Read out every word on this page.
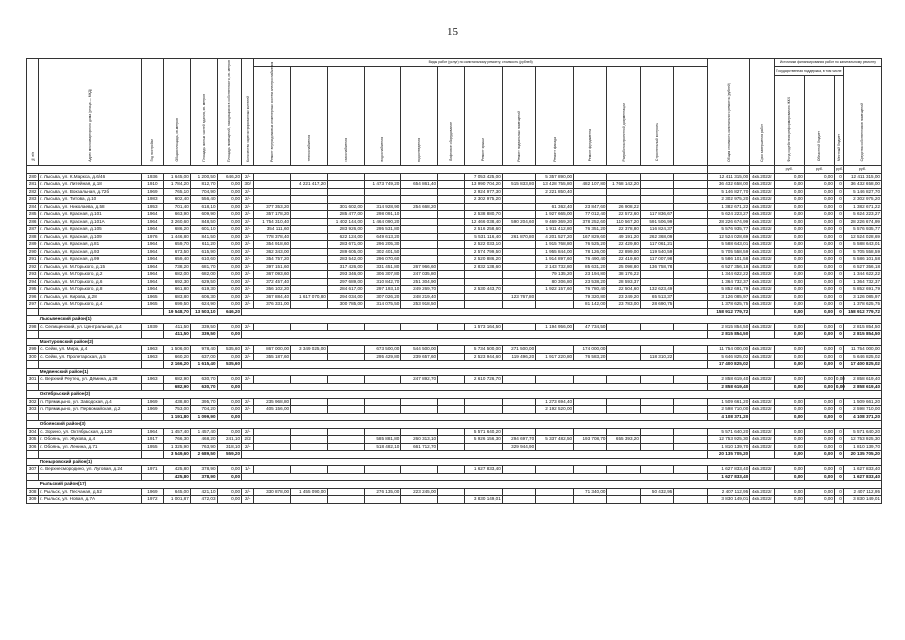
15
№ п/п	Адрес многоквартирного дома (улица — МКД)	Год постройки	Общая площадь, кв.метров	Площадь жилых частей здания, кв. метров	Площадь помещений, находящихся в собственности, кв. метров	Количество зарегистрированных жителей	Виды работ (услуг) по капитальному ремонту, стоимость (рублей)													Общая стоимость капитального ремонта (рублей)	Срок завершения работ	Источники финансирования работ по капитальному ремонту			
							Ремонт внутридомовых инженерных систем электроснабжения	теплоснабжения	газоснабжения	водоснабжения	водоотведения	Лифтовое оборудование	Ремонт крыши	Ремонт подвальных помещений	Ремонт фасада	Ремонт фундамента	Разработка проектной документации	Строительный контроль				Государственная поддержка, в том числе			Средства собственников помещений
																						Фонд содействия реформированию ЖКХ	Областной бюджет	Местный бюджет	
																						руб.	руб.	руб.	руб.
280	г. Лысьва, ул. К.Маркса, д.6/46	1936	1 645,00	1 200,50	646,20	2/-							7 053 425,00		5 357 890,00					12 411 315,00	4кв.2022г	0,00	0,00	0	12 411 315,00
281	г. Лысьва, ул. Литейная, д.18	1910	1 784,20	812,70	0,00	30/		4 221 417,20		1 473 749,20	654 861,40		13 990 704,20	515 833,80	13 428 755,80	482 107,80	1 768 142,20			36 432 658,00	4кв.2022г	0,00	0,00	0	36 432 658,00
282	г. Лысьва, ул. Вокзальная, д.72б	1969	765,10	704,90	0,00	2/-							2 924 977,30		2 221 850,40					5 146 827,70	4кв.2022г	0,00	0,00	0	5 146 827,70
283	г. Лысьва, ул. Титова, д.10	1983	602,40	556,40	0,00	2/-							2 302 975,20							2 302 975,20	4кв.2022г	0,00	0,00	0	2 302 975,20
284	г. Лысьва, ул. Николаева, д.58	1953	701,40	618,10	0,00	2/-	377 353,20		301 602,00	314 928,90	254 668,20				61 362,40	23 847,60	26 908,22			1 382 671,22	4кв.2022г	0,00	0,00	0	1 382 671,22
285	г. Лысьва, ул. Красная, д.101	1964	663,90	609,90	0,00	2/-	357 178,20		285 477,00	298 091,10			2 538 880,70		1 927 665,00	77 012,40	22 572,60	117 836,67		5 624 223,27	4кв.2022г	0,00	0,00	0	5 624 223,27
286	г. Лысьва, ул. Красная, д.101А	1964	3 260,60	848,50	0,00	2/-	1 754 310,40		1 402 144,00	1 464 090,20			12 466 038,40	590 204,60	9 469 369,20	378 252,60	110 567,20	591 506,99		28 226 674,99	4кв.2022г	0,00	0,00	0	28 226 674,99
287	г. Лысьва, ул. Красная, д.105	1964	686,20	601,10	0,00	2/-	354 111,60		283 926,00	295 531,80			2 516 258,60		1 911 412,80	76 351,20	22 378,80	116 824,37		5 576 935,77	4кв.2022г	0,00	0,00	0	5 576 935,77
288	г. Лысьва, ул. Красная, д.109	1976	1 446,80	841,50	0,00	2/-	778 378,40		622 124,00	649 613,20			5 531 116,40	261 870,80	4 201 527,20	167 829,60	49 191,20	262 368,09		12 524 028,69	4кв.2022г	0,00	0,00	0	12 524 028,69
289	г. Лысьва, ул. Красная, д.81	1964	659,70	611,20	0,00	2/-	354 918,60		283 671,00	296 205,30			2 522 033,10		1 915 768,80	76 525,20	22 429,80	117 061,21		5 588 643,01	4кв.2022г	0,00	0,00	0	5 588 643,01
290	г. Лысьва, ул. Красная, д.93	1964	673,50	615,90	0,00	2/-	362 343,00		289 605,00	302 401,50			2 574 799,50		1 955 844,00	78 126,00	22 899,00	119 540,59		5 705 558,59	4кв.2022г	0,00	0,00	0	5 705 558,59
291	г. Лысьва, ул. Красная, д.99	1964	659,40	610,60	0,00	2/-	354 757,20		283 542,00	296 070,60			2 520 886,20		1 914 897,60	76 490,40	22 419,60	117 007,98		5 586 101,58	4кв.2022г	0,00	0,00	0	5 586 101,58
292	г. Лысьва, ул. М.Горького, д.15	1964	738,20	681,70	0,00	2/-	397 151,60		317 426,00	331 451,80	267 966,60		2 832 138,60		2 143 732,80	85 631,20	25 098,80	136 758,78		6 527 356,18	4кв.2022г	0,00	0,00	0	6 527 356,18
293	г. Лысьва, ул. М.Горького, д.2	1964	682,00	682,00	0,00	2/-	367 093,60		293 346,00	306 307,80	247 035,80				79 135,20	23 194,80	38 176,22			1 344 622,22	4кв.2022г	0,00	0,00	0	1 344 622,22
294	г. Лысьва, ул. М.Горького, д.6	1964	692,30	629,50	0,00	2/-	372 457,40		297 689,00	310 842,70	251 304,90				80 306,80	23 538,20	28 593,37			1 364 732,37	4кв.2022г	0,00	0,00	0	1 364 732,37
295	г. Лысьва, ул. М.Горького, д.8	1964	661,80	619,30	0,00	2/-	356 102,20		284 617,00	297 193,10	249 269,70		2 530 443,70		1 922 157,60	76 780,40	22 504,60	132 623,49		5 852 691,79	4кв.2022г	0,00	0,00	0	5 852 691,79
296	г. Лысьва, ул. Кирова, д.28	1965	683,80	606,30	0,00	2/-	367 884,40	1 617 070,80	294 034,00	307 026,20	248 219,40			123 767,80		79 320,80	23 249,20	65 513,37		3 126 085,97	4кв.2022г	0,00	0,00	0	3 126 085,97
297	г. Лысьва, ул. М.Горького, д.4	1965	699,50	624,90	0,00	2/-	376 331,00		300 785,00	314 075,50	253 918,50					81 142,00	23 783,00	28 690,75		1 378 625,75	4кв.2022г	0,00	0,00	0	1 378 625,75
			19 548,70	13 503,10	646,20															158 912 779,72		0,00	0,00	0	158 912 779,72
	Лысьвенский район(1)																								
298	с. Селищенский, ул. Центральная, д.4	1939	411,50	339,50	0,00	2/-							1 573 164,50		1 194 956,00	47 734,50				2 815 854,50	4кв.2022г	0,00	0,00	0	2 815 854,50
			411,50	339,50	0,00															2 815 854,50		0,00	0,00	0	2 815 854,50
	Мантуровский район(2)																								
299	с. Сейм, ул. Мира, д.4	1963	1 506,00	978,40	535,60	2/-	867 000,00	3 349 025,00		673 500,00	544 500,00		5 734 500,00	271 500,00		174 000,00				11 754 000,00	4кв.2022г	0,00	0,00	0	11 754 000,00
300	с. Сейм, ул. Пролетарская, д.5	1963	660,20	637,00	0,00	2/-	355 187,60			295 429,80	239 657,60		2 523 944,60	119 496,20	1 917 220,80	76 583,20		118 310,22		5 646 825,02	4кв.2022г	0,00	0,00	0	5 646 825,02
			2 166,20	1 615,40	535,60															17 400 825,02		0,00	0,00	0	17 400 825,02
	Медвенский район(1)																								
301	с. Верхний Реутец, ул. Дёмина, д.28	1963	682,90	630,70	0,00	2/-					247 892,70		2 610 726,70							2 858 619,40	4кв.2022г	0,00	0,00	0,00	2 858 619,40
			682,90	630,70	0,00															2 858 619,40		0,00	0,00	0,00	2 858 619,40
	Октябрьский район(2)																								
302	п. Прямицыно, ул. Заводская, д.4	1969	438,80	395,70	0,00	2/-	235 968,80								1 273 694,40					1 509 661,20	4кв.2022г	0,00	0,00	0	1 509 661,20
303	п. Прямицыно, ул. Первомайская, д.2	1969	753,00	704,20	0,00	2/-	405 156,00								2 192 520,00					2 598 710,00	4кв.2022г	0,00	0,00	0	2 598 710,00
			1 191,80	1 099,90	0,00															4 108 371,20		0,00	0,00	0	4 108 371,20
	Обоянский район(3)																								
304	с. Зорино, ул. Октябрьская, д.120	1964	1 457,40	1 457,40	0,00	2/-							5 571 640,20							5 571 640,20	4кв.2022г	0,00	0,00	0	5 571 640,20
305	г. Обоянь, ул. Жукова, д.4	1917	766,30	468,20	241,10	2/2				585 881,80	260 313,10		5 926 156,30	294 697,70	5 337 482,50	193 708,70	655 393,20			12 753 925,30	4кв.2022г	0,00	0,00	0	12 753 925,30
306	г. Обоянь, ул. Ленина, д.71	1955	1 325,90	763,90	318,10	2/-				518 482,10	661 712,70			329 944,90						1 810 139,70	4кв.2022г	0,00	0,00	0	1 810 139,70
			3 549,60	2 689,50	559,20															20 135 705,20		0,00	0,00	0	20 135 705,20
	Поныровский район(1)																								
307	с. Верхнесмородино, ул. Луговая, д.24	1971	425,80	378,90	0,00	1/-							1 627 833,40							1 627 833,40	4кв.2022г	0,00	0,00	0	1 627 833,40
			425,80	378,90	0,00															1 627 833,40		0,00	0,00	0	1 627 833,40
	Рыльский район(17)																								
308	г. Рыльск, ул. Песчаная, д.52	1969	645,00	421,10	0,00	2/-	330 878,00	1 455 090,00		276 135,00	223 245,00					71 340,00		50 432,95		2 407 112,95	4кв.2022г	0,00	0,00	0	2 407 112,95
309	г. Рыльск, ул. Новая, д.7А	1972	1 001,87	472,03	0,00	2/-							3 830 149,01							3 830 149,01	4кв.2022г	0,00	0,00	0	3 830 149,01
